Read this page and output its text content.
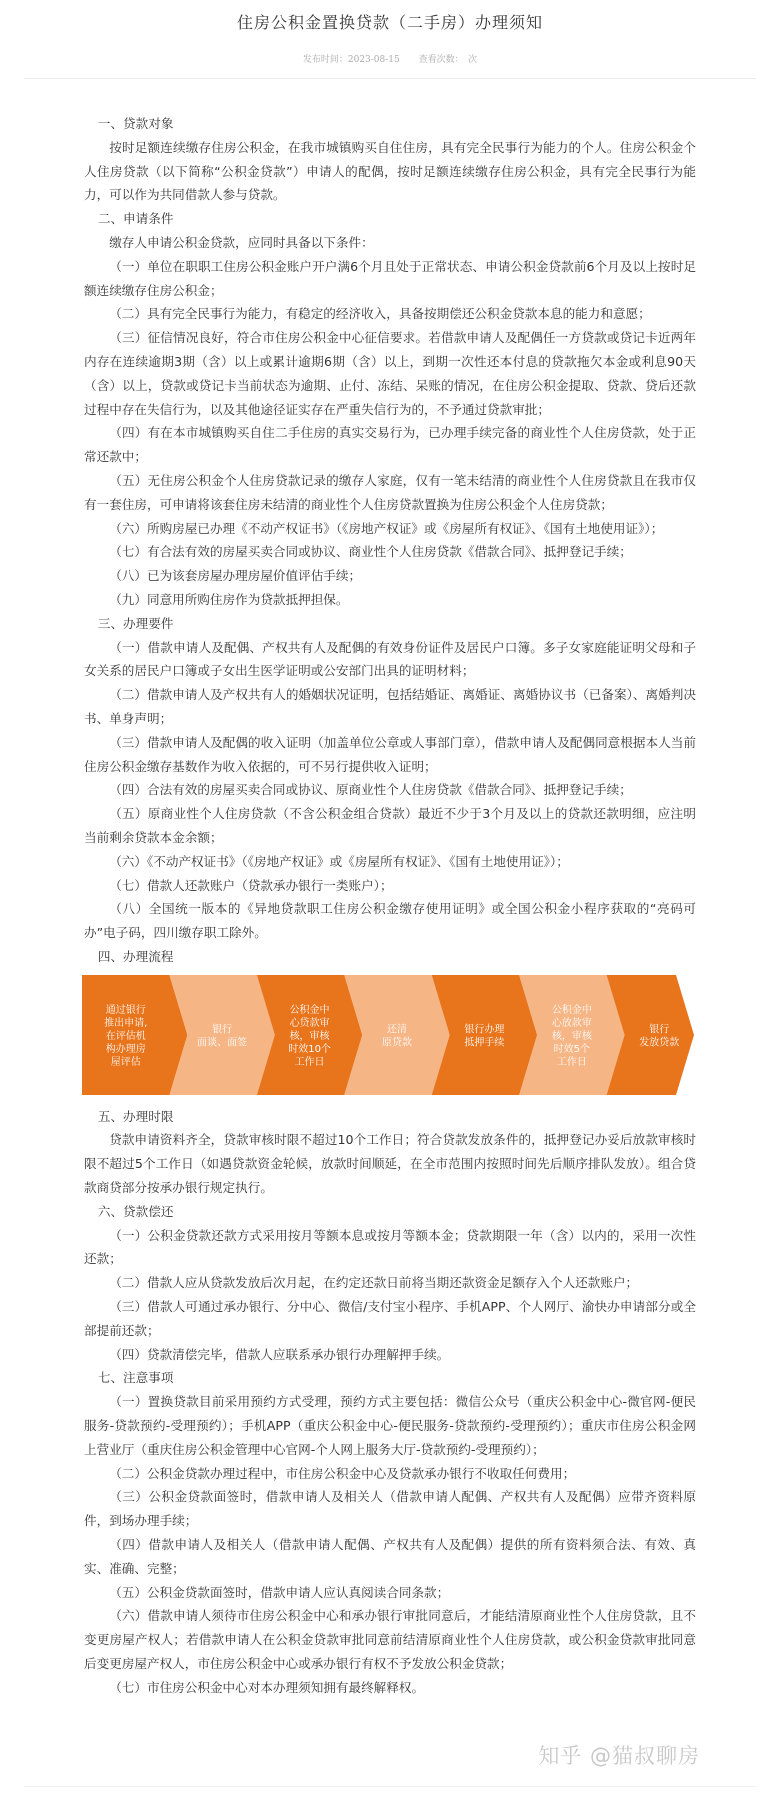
住房公积金置换贷款（二手房）办理须知
发布时间：2023-08-15 查看次数：　次

一、贷款对象

按时足额连续缴存住房公积金，在我市城镇购买自住住房，具有完全民事行为能力的个人。住房公积金个人住房贷款（以下简称“公积金贷款”）申请人的配偶，按时足额连续缴存住房公积金，具有完全民事行为能力，可以作为共同借款人参与贷款。

二、申请条件

缴存人申请公积金贷款，应同时具备以下条件：

（一）单位在职职工住房公积金账户开户满6个月且处于正常状态、申请公积金贷款前6个月及以上按时足额连续缴存住房公积金；

（二）具有完全民事行为能力，有稳定的经济收入，具备按期偿还公积金贷款本息的能力和意愿；

（三）征信情况良好，符合市住房公积金中心征信要求。若借款申请人及配偶任一方贷款或贷记卡近两年内存在连续逾期3期（含）以上或累计逾期6期（含）以上，到期一次性还本付息的贷款拖欠本金或利息90天（含）以上，贷款或贷记卡当前状态为逾期、止付、冻结、呆账的情况，在住房公积金提取、贷款、贷后还款过程中存在失信行为，以及其他途径证实存在严重失信行为的，不予通过贷款审批；

（四）有在本市城镇购买自住二手住房的真实交易行为，已办理手续完备的商业性个人住房贷款，处于正常还款中；

（五）无住房公积金个人住房贷款记录的缴存人家庭，仅有一笔未结清的商业性个人住房贷款且在我市仅有一套住房，可申请将该套住房未结清的商业性个人住房贷款置换为住房公积金个人住房贷款；

（六）所购房屋已办理《不动产权证书》（《房地产权证》或《房屋所有权证》、《国有土地使用证》）；

（七）有合法有效的房屋买卖合同或协议、商业性个人住房贷款《借款合同》、抵押登记手续；

（八）已为该套房屋办理房屋价值评估手续；

（九）同意用所购住房作为贷款抵押担保。

三、办理要件

（一）借款申请人及配偶、产权共有人及配偶的有效身份证件及居民户口簿。多子女家庭能证明父母和子女关系的居民户口簿或子女出生医学证明或公安部门出具的证明材料；

（二）借款申请人及产权共有人的婚姻状况证明，包括结婚证、离婚证、离婚协议书（已备案）、离婚判决书、单身声明；

（三）借款申请人及配偶的收入证明（加盖单位公章或人事部门章），借款申请人及配偶同意根据本人当前住房公积金缴存基数作为收入依据的，可不另行提供收入证明；

（四）合法有效的房屋买卖合同或协议、原商业性个人住房贷款《借款合同》、抵押登记手续；

（五）原商业性个人住房贷款（不含公积金组合贷款）最近不少于3个月及以上的贷款还款明细，应注明当前剩余贷款本金余额；

（六）《不动产权证书》（《房地产权证》或《房屋所有权证》、《国有土地使用证》）；

（七）借款人还款账户（贷款承办银行一类账户）；

（八）全国统一版本的《异地贷款职工住房公积金缴存使用证明》或全国公积金小程序获取的“亮码可办”电子码，四川缴存职工除外。

四、办理流程

通过银行
推出申请,
在评估机
构办理房
屋评估
银行
面谈、面签
公积金中
心贷款审
核，审核
时效10个
工作日
还清
原贷款
银行办理
抵押手续
公积金中
心放款审
核，审核
时效5个
工作日
银行
发放贷款

五、办理时限

贷款申请资料齐全，贷款审核时限不超过10个工作日；符合贷款发放条件的，抵押登记办妥后放款审核时限不超过5个工作日（如遇贷款资金轮候，放款时间顺延，在全市范围内按照时间先后顺序排队发放）。组合贷款商贷部分按承办银行规定执行。

六、贷款偿还

（一）公积金贷款还款方式采用按月等额本息或按月等额本金；贷款期限一年（含）以内的，采用一次性还款；

（二）借款人应从贷款发放后次月起，在约定还款日前将当期还款资金足额存入个人还款账户；

（三）借款人可通过承办银行、分中心、微信/支付宝小程序、手机APP、个人网厅、渝快办申请部分或全部提前还款；

（四）贷款清偿完毕，借款人应联系承办银行办理解押手续。

七、注意事项

（一）置换贷款目前采用预约方式受理，预约方式主要包括：微信公众号（重庆公积金中心-微官网-便民服务-贷款预约-受理预约）；手机APP（重庆公积金中心-便民服务-贷款预约-受理预约）；重庆市住房公积金网上营业厅（重庆住房公积金管理中心官网-个人网上服务大厅-贷款预约-受理预约）；

（二）公积金贷款办理过程中，市住房公积金中心及贷款承办银行不收取任何费用；

（三）公积金贷款面签时，借款申请人及相关人（借款申请人配偶、产权共有人及配偶）应带齐资料原件，到场办理手续；

（四）借款申请人及相关人（借款申请人配偶、产权共有人及配偶）提供的所有资料须合法、有效、真实、准确、完整；

（五）公积金贷款面签时，借款申请人应认真阅读合同条款；

（六）借款申请人须待市住房公积金中心和承办银行审批同意后，才能结清原商业性个人住房贷款，且不变更房屋产权人；若借款申请人在公积金贷款审批同意前结清原商业性个人住房贷款，或公积金贷款审批同意后变更房屋产权人，市住房公积金中心或承办银行有权不予发放公积金贷款；

（七）市住房公积金中心对本办理须知拥有最终解释权。

知乎 @猫叔聊房
